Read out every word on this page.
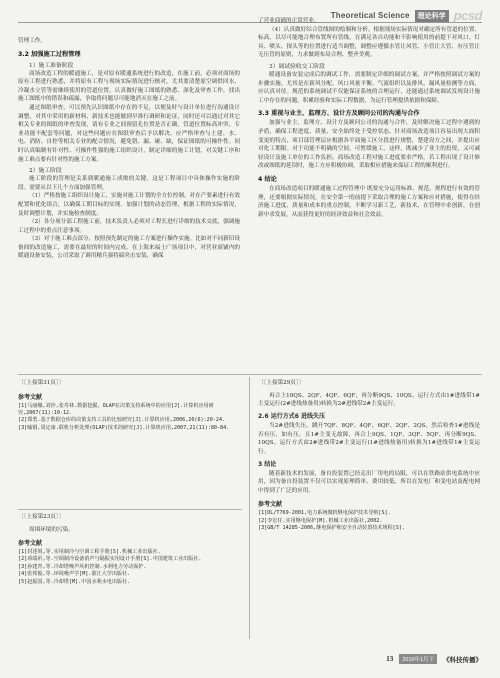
Theoretical Science	理论科学 pcsd

管理工作。

3.2 加强施工过程管理
1）施工准备阶段

商场改造工程的暖通施工，是对原有暖通系统进行的改造，在施工前，必须对商场的原有工程进行熟悉，并将原有工程与现场实际情况进行核对，尤其要清楚原空调供回水、冷凝水立管等需继续使用的管道位置，认真做好施工图纸的熟悉、深化及审查工作，找出施工图纸中的错误和疏漏，争取将问题尽可能地消灭在施工之前。

通过图纸审查，可以预先认识图纸中存在的不足，以便及时与设计单位进行沟通设计调整，对其中采用的新材料、新技术也能做到早准行调研和论证，同时还可以通过对其它相关专业的图纸的审查发现，请有专业之间预留孔位置是否正确，管道位置标高冲突、专业功能不配套等问题，对这些问题应在图纸审查后予以解决。应严格审查与土建、水、电、消防、自控等相关专业的配合情况，避免错、漏、碰、缺，保证图纸的可操作性。同时认真编制有针对性、可操作性强的施工组织设计，制定详细的施工计划，对关键工序和施工难点要有针对性的施工方案。

2）施工阶段

施工阶段的管理是关系到暖通施工成败的关键，这是工程项目中具体操作实施的阶段。需要从以下几个方面加强管理。

（1）严格按施工组织设计施工，实施对施工计划的全方位控制，对在产要素进行有效配置和优化组合，以确保工期目标的实现。加强计划的动态管理，根据工程的实际情况，及时调整计划，并实施检查制度。

（2）各分项分部工程施工前，技术负责人必须对工程长进行详细的技术交底，强调施工过程中的重点注意事项。

（3）对于施工难点部分，按照预先制定的施工方案进行操作实施。比如对不同新旧设备间的改造施工，需要在最短的时间内完成。在上海来福士广场项目中，对营业商铺内的暖通设备安装，公司采取了调用精兵强将搞突击安装，确保

了营业商铺的正常营业。

（4）认真做好综合管线图的绘制和分析。根据现场实际情况对确定所有管道的位置、标高，以尽可能地合理布置所有管线，在满足各自功能和不影响使用的前提下对风口、灯具、喷头、探头等的位置进行适当调整，调整应遵循水管让风管、小管让大管、有压管让无压管的原则，力求做到布局合理、整齐美观。

3）调试验收交工阶段

暖通设备安装完成后的调试工作，需要制定详细的调试方案，并严格按照调试方案的步骤实施。尤其是在新风分配、风口风量平衡、气流组织以及排风、漏风量检测等方面，应认真对待。规范的系统调试不仅能保证系统的合理运行，还能通过系统调试发现设计施工中存在的问题，积累经验和实际工程数据，为运行管理提供依据和保障。

3.3 重视与业主、监理方、设计方及顾问公司的沟通与合作

加强与业主、监理方、设计方及顾问公司的沟通与合作，及时解决施工过程中遇到的矛盾，确保工程进度、质量、安全始终处于受控状态。针对商场改造项目容易出现大面积变更的特点，项目部管理层应根据各平面施工区分段进行规整，楚建设方之间，并提出应对化工期限。对于功能不明确的空间，可暂缓施工，这样，既减少了业主的投资，又可减轻设计及施工单位的工作负担。商场改造工程对施工进度要求严格，若工程出现了设计修改或图纸的延误时，施工方应积极协调，采取相应措施来保证工程的顺利进行。

4 结论

在商场改造项目的暖通施工过程管理中 既要充分运用标准、规范，规程进行有效的管理，还要根据实际情况，在安全第一的前提下采取合理的施工方案和应对措施，使得在经济施工进度、质量和成本的重点控制，不断学习新工艺，新技术，在管理中求创新，在创新中求发展，从而获得更好的经济效益和社会效益。

〔〔上接第31页〕〕
参考文献

[1]马丽娜,刘沙,张寿林.数据挖掘、OLAP在决策支持系统中的应用[J].计算机应用研究,2007(11):10-12.

[2]郑勇.基于数据仓库的决策支持工具的比较研究[J].计算机应用,2006,26(6):20-24.

[3]喻钢,周定康.联机分析处理(OLAP)技术的研究[J].计算机应用,2007,21(11):80-84.

〔〔上接第23页〕〕

周围环境的污染。

参考文献

[1]封述姐,等.实用制冷与空调工程手册[S].机械工业出版社.

[2]项端祈,等.空调制冷设备消声与隔振实用设计手册[S].中国建筑工业出版社.

[3]孙建青,等.冷却塔噪声风机控制.水利电力劳动保护.

[4]张邦俊,等.环境噪声学[M].浙江大学出版社.

[5]赵振国,等.冷却塔[M].中国水利水电出版社.

〔〔上接第29页〕〕

再合上10QS、2QF、4QF、6QF，再分断9QS、10QS。运行方式由1#进线带1#主变运行(2#进线热备用)转换为2#进线带2#主变运行。

2.6 运行方式6 进线失压

当2#进线失压，跳开7QF、8QF、4QF、6QF、2QF、2QS，然后检查1#进线是否有压，如有压，且1#主变无故障，再合上9QS、1QF、3QF、5QF、再分断9QS、10QS。运行方式由2#进线带2#主变运行(1#进线热备用)转换为1#进线带1#主变运行。

3 结论

随着新技术的发展，备自投装置已经走出厂用电的局限，可以在铁路站供电系统中应用，因为备自投装置不仅可以实现原理简单、费用较低，所以在发电厂和变电站及配电网中得到了广泛的应用。

参考文献

[1]DL/T769-2001,电力系统微机继电保护技术导则[S].

[2]李宏任.实用继电保护[M].机械工业出版社,2002.

[3]GB/T 14285-2006,继电保护和安全自动装置技术规程[S].

13	2010年1月下	《科技传播》
